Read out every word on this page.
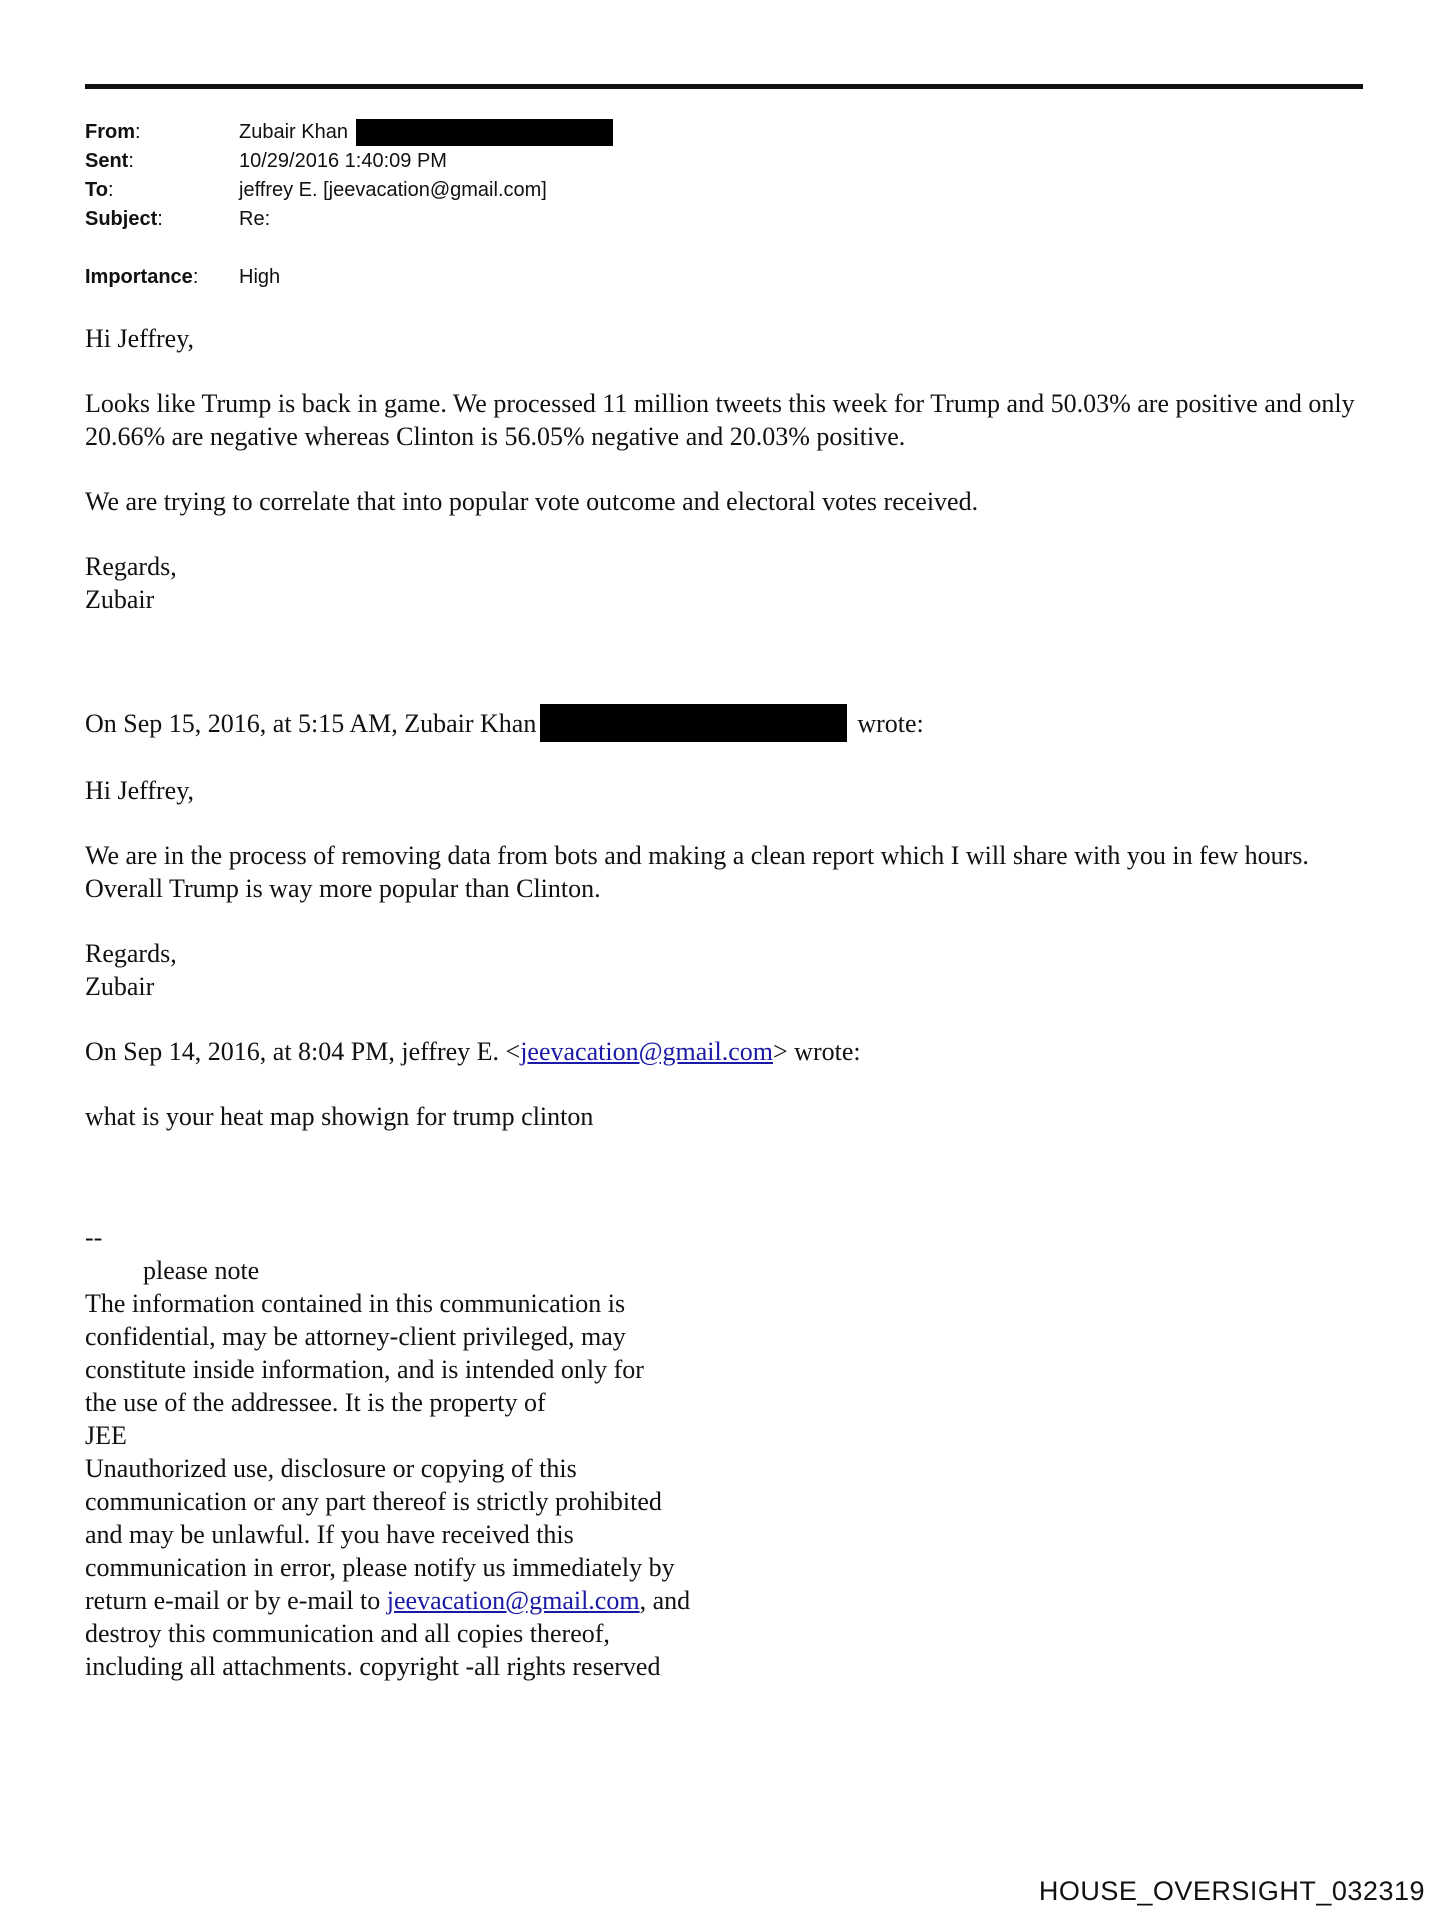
From:	Zubair Khan
Sent:	10/29/2016 1:40:09 PM
To:	jeffrey E. [jeevacation@gmail.com]
Subject:	Re:
Importance:	High

Hi Jeffrey,

Looks like Trump is back in game. We processed 11 million tweets this week for Trump and 50.03% are positive and only 20.66% are negative whereas Clinton is 56.05% negative and 20.03% positive.

We are trying to correlate that into popular vote outcome and electoral votes received.

Regards,

Zubair

On Sep 15, 2016, at 5:15 AM, Zubair Khan	wrote:

Hi Jeffrey,

We are in the process of removing data from bots and making a clean report which I will share with you in few hours. Overall Trump is way more popular than Clinton.

Regards,

Zubair

On Sep 14, 2016, at 8:04 PM, jeffrey E. <jeevacation@gmail.com> wrote:

what is your heat map showign for trump clinton

--

please note

The information contained in this communication is

confidential, may be attorney-client privileged, may

constitute inside information, and is intended only for

the use of the addressee. It is the property of

JEE

Unauthorized use, disclosure or copying of this

communication or any part thereof is strictly prohibited

and may be unlawful. If you have received this

communication in error, please notify us immediately by

return e-mail or by e-mail to jeevacation@gmail.com, and

destroy this communication and all copies thereof,

including all attachments. copyright -all rights reserved

HOUSE_OVERSIGHT_032319
